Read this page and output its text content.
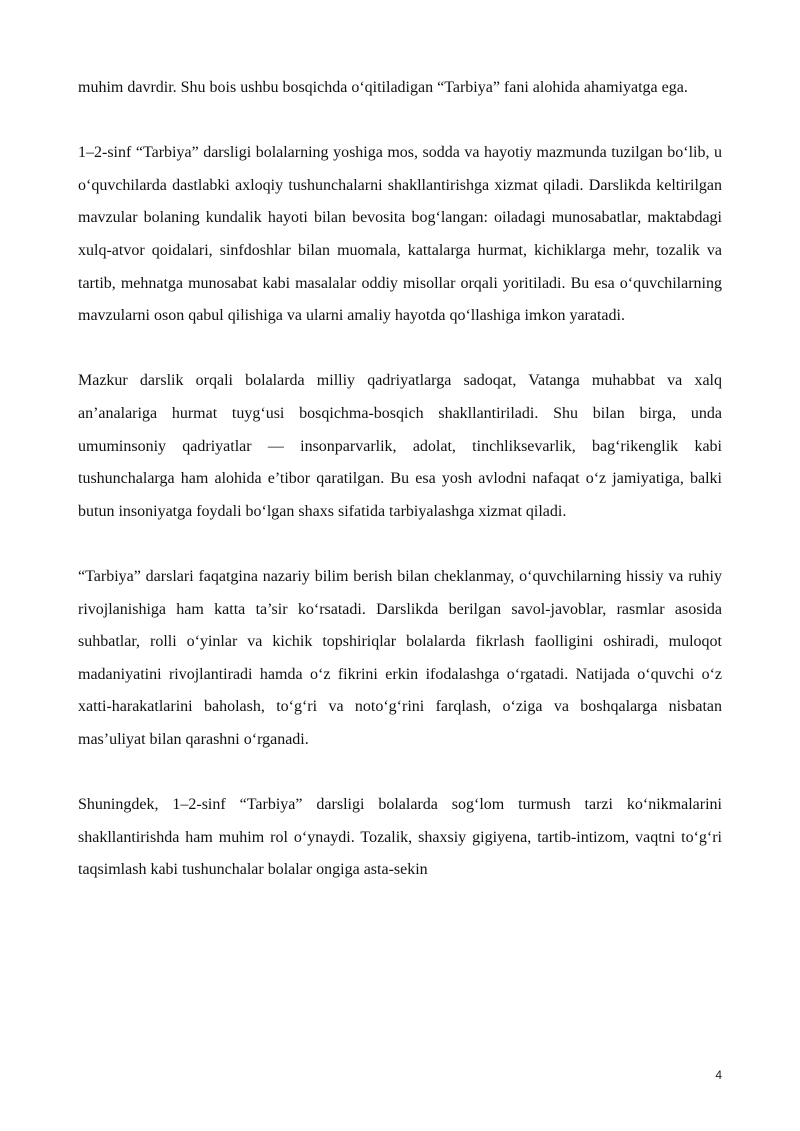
muhim davrdir. Shu bois ushbu bosqichda o‘qitiladigan “Tarbiya” fani alohida ahamiyatga ega.

1–2-sinf “Tarbiya” darsligi bolalarning yoshiga mos, sodda va hayotiy mazmunda tuzilgan bo‘lib, u o‘quvchilarda dastlabki axloqiy tushunchalarni shakllantirishga xizmat qiladi. Darslikda keltirilgan mavzular bolaning kundalik hayoti bilan bevosita bog‘langan: oiladagi munosabatlar, maktabdagi xulq-atvor qoidalari, sinfdoshlar bilan muomala, kattalarga hurmat, kichiklarga mehr, tozalik va tartib, mehnatga munosabat kabi masalalar oddiy misollar orqali yoritiladi. Bu esa o‘quvchilarning mavzularni oson qabul qilishiga va ularni amaliy hayotda qo‘llashiga imkon yaratadi.

Mazkur darslik orqali bolalarda milliy qadriyatlarga sadoqat, Vatanga muhabbat va xalq an’analariga hurmat tuyg‘usi bosqichma-bosqich shakllantiriladi. Shu bilan birga, unda umuminsoniy qadriyatlar — insonparvarlik, adolat, tinchliksevarlik, bag‘rikenglik kabi tushunchalarga ham alohida e’tibor qaratilgan. Bu esa yosh avlodni nafaqat o‘z jamiyatiga, balki butun insoniyatga foydali bo‘lgan shaxs sifatida tarbiyalashga xizmat qiladi.

“Tarbiya” darslari faqatgina nazariy bilim berish bilan cheklanmay, o‘quvchilarning hissiy va ruhiy rivojlanishiga ham katta ta’sir ko‘rsatadi. Darslikda berilgan savol-javoblar, rasmlar asosida suhbatlar, rolli o‘yinlar va kichik topshiriqlar bolalarda fikrlash faolligini oshiradi, muloqot madaniyatini rivojlantiradi hamda o‘z fikrini erkin ifodalashga o‘rgatadi. Natijada o‘quvchi o‘z xatti-harakatlarini baholash, to‘g‘ri va noto‘g‘rini farqlash, o‘ziga va boshqalarga nisbatan mas’uliyat bilan qarashni o‘rganadi.

Shuningdek, 1–2-sinf “Tarbiya” darsligi bolalarda sog‘lom turmush tarzi ko‘nikmalarini shakllantirishda ham muhim rol o‘ynaydi. Tozalik, shaxsiy gigiyena, tartib-intizom, vaqtni to‘g‘ri taqsimlash kabi tushunchalar bolalar ongiga asta-sekin

4
